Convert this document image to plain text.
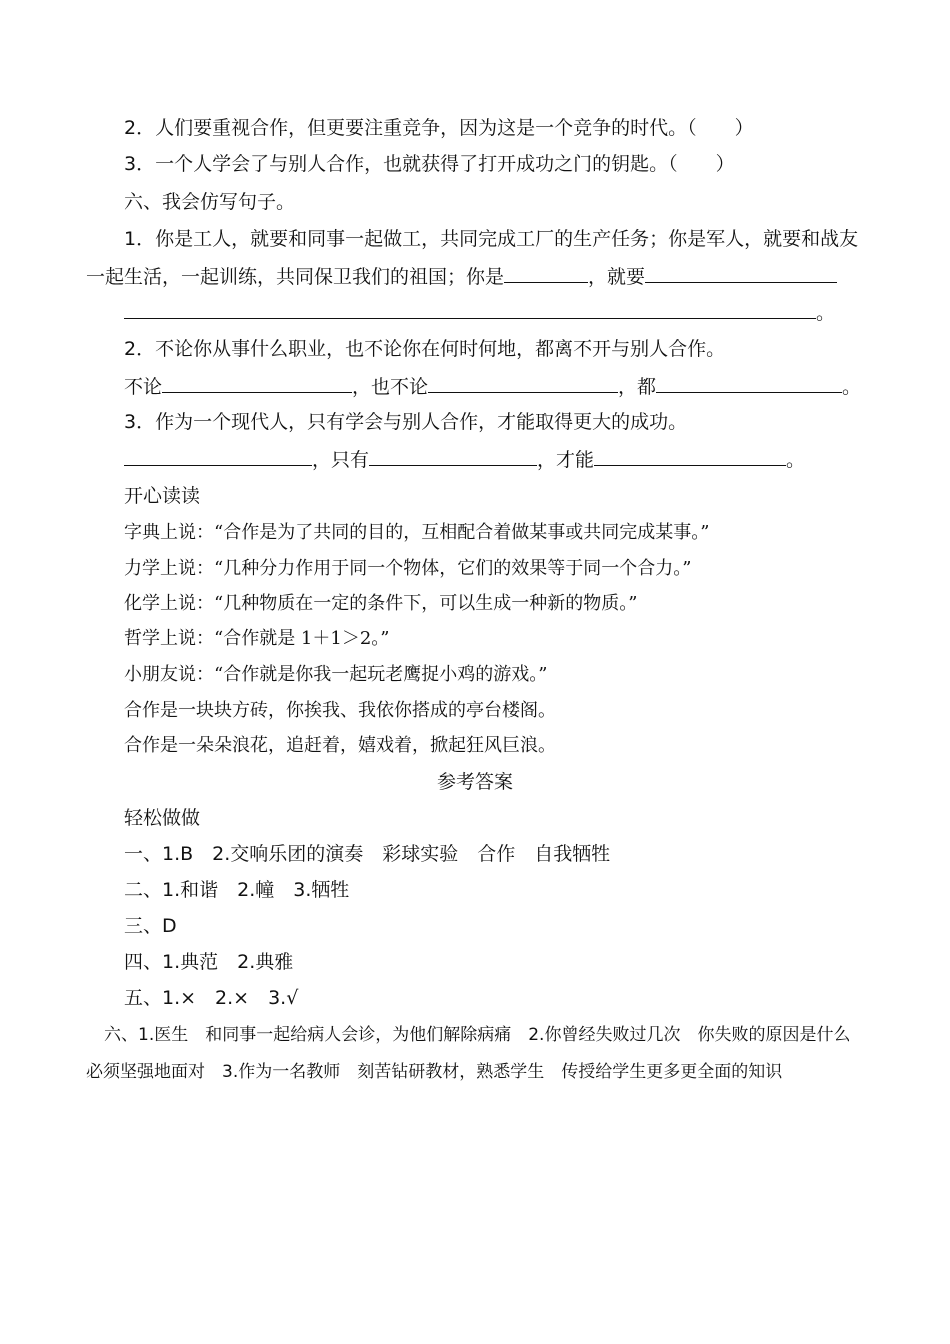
2．人们要重视合作，但更要注重竞争，因为这是一个竞争的时代。（　　）
3．一个人学会了与别人合作，也就获得了打开成功之门的钥匙。（　　）
六、我会仿写句子。
1．你是工人，就要和同事一起做工，共同完成工厂的生产任务；你是军人，就要和战友
一起生活，一起训练，共同保卫我们的祖国；你是	，就要
。
2．不论你从事什么职业，也不论你在何时何地，都离不开与别人合作。
不论	，也不论	，都	。
3．作为一个现代人，只有学会与别人合作，才能取得更大的成功。
，只有	，才能	。
开心读读
字典上说：“合作是为了共同的目的，互相配合着做某事或共同完成某事。”
力学上说：“几种分力作用于同一个物体，它们的效果等于同一个合力。”
化学上说：“几种物质在一定的条件下，可以生成一种新的物质。”
哲学上说：“合作就是 1＋1＞2。”
小朋友说：“合作就是你我一起玩老鹰捉小鸡的游戏。”
合作是一块块方砖，你挨我、我依你搭成的亭台楼阁。
合作是一朵朵浪花，追赶着，嬉戏着，掀起狂风巨浪。
参考答案
轻松做做
一、1.B　2.交响乐团的演奏　彩球实验　合作　自我牺牲
二、1.和谐　2.幢　3.牺牲
三、D
四、1.典范　2.典雅
五、1.×　2.×　3.√
六、1.医生　和同事一起给病人会诊，为他们解除病痛　2.你曾经失败过几次　你失败的原因是什么
必须坚强地面对　3.作为一名教师　刻苦钻研教材，熟悉学生　传授给学生更多更全面的知识
